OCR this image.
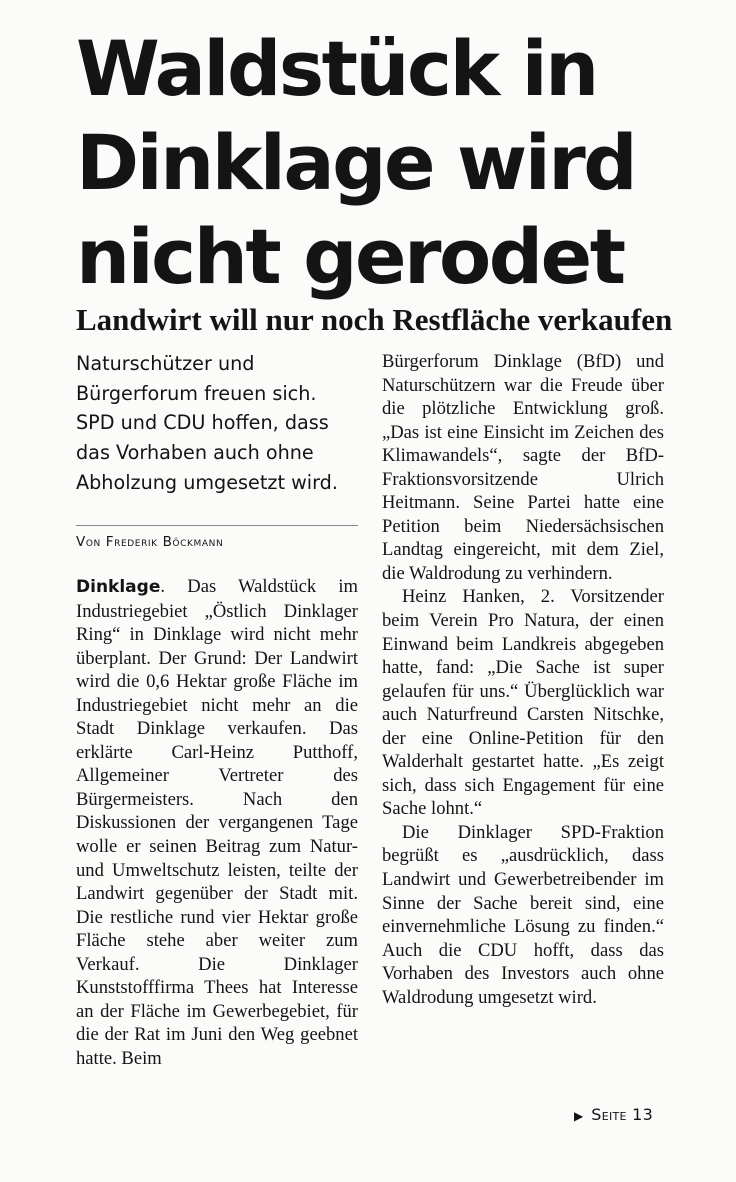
Waldstück in Dinklage wird nicht gerodet
Landwirt will nur noch Restfläche verkaufen

Naturschützer und Bürgerforum freuen sich. SPD und CDU hoffen, dass das Vorhaben auch ohne Abholzung umgesetzt wird.

Von Frederik Böckmann

Dinklage. Das Waldstück im Industriegebiet „Östlich Dinklager Ring“ in Dinklage wird nicht mehr überplant. Der Grund: Der Landwirt wird die 0,6 Hektar große Fläche im Industriegebiet nicht mehr an die Stadt Dinklage verkaufen. Das erklärte Carl-Heinz Putthoff, Allgemeiner Vertreter des Bürgermeisters. Nach den Diskussionen der vergangenen Tage wolle er seinen Beitrag zum Natur- und Umweltschutz leisten, teilte der Landwirt gegenüber der Stadt mit. Die restliche rund vier Hektar große Fläche stehe aber weiter zum Verkauf. Die Dinklager Kunststofffirma Thees hat Interesse an der Fläche im Gewerbegebiet, für die der Rat im Juni den Weg geebnet hatte. Beim

Bürgerforum Dinklage (BfD) und Naturschützern war die Freude über die plötzliche Entwicklung groß. „Das ist eine Einsicht im Zeichen des Klimawandels“, sagte der BfD-Fraktionsvorsitzende Ulrich Heitmann. Seine Partei hatte eine Petition beim Niedersächsischen Landtag eingereicht, mit dem Ziel, die Waldrodung zu verhindern.

Heinz Hanken, 2. Vorsitzender beim Verein Pro Natura, der einen Einwand beim Landkreis abgegeben hatte, fand: „Die Sache ist super gelaufen für uns.“ Überglücklich war auch Naturfreund Carsten Nitschke, der eine Online-Petition für den Walderhalt gestartet hatte. „Es zeigt sich, dass sich Engagement für eine Sache lohnt.“

Die Dinklager SPD-Fraktion begrüßt es „ausdrücklich, dass Landwirt und Gewerbetreibender im Sinne der Sache bereit sind, eine einvernehmliche Lösung zu finden.“ Auch die CDU hofft, dass das Vorhaben des Investors auch ohne Waldrodung umgesetzt wird.

▶ Seite 13
